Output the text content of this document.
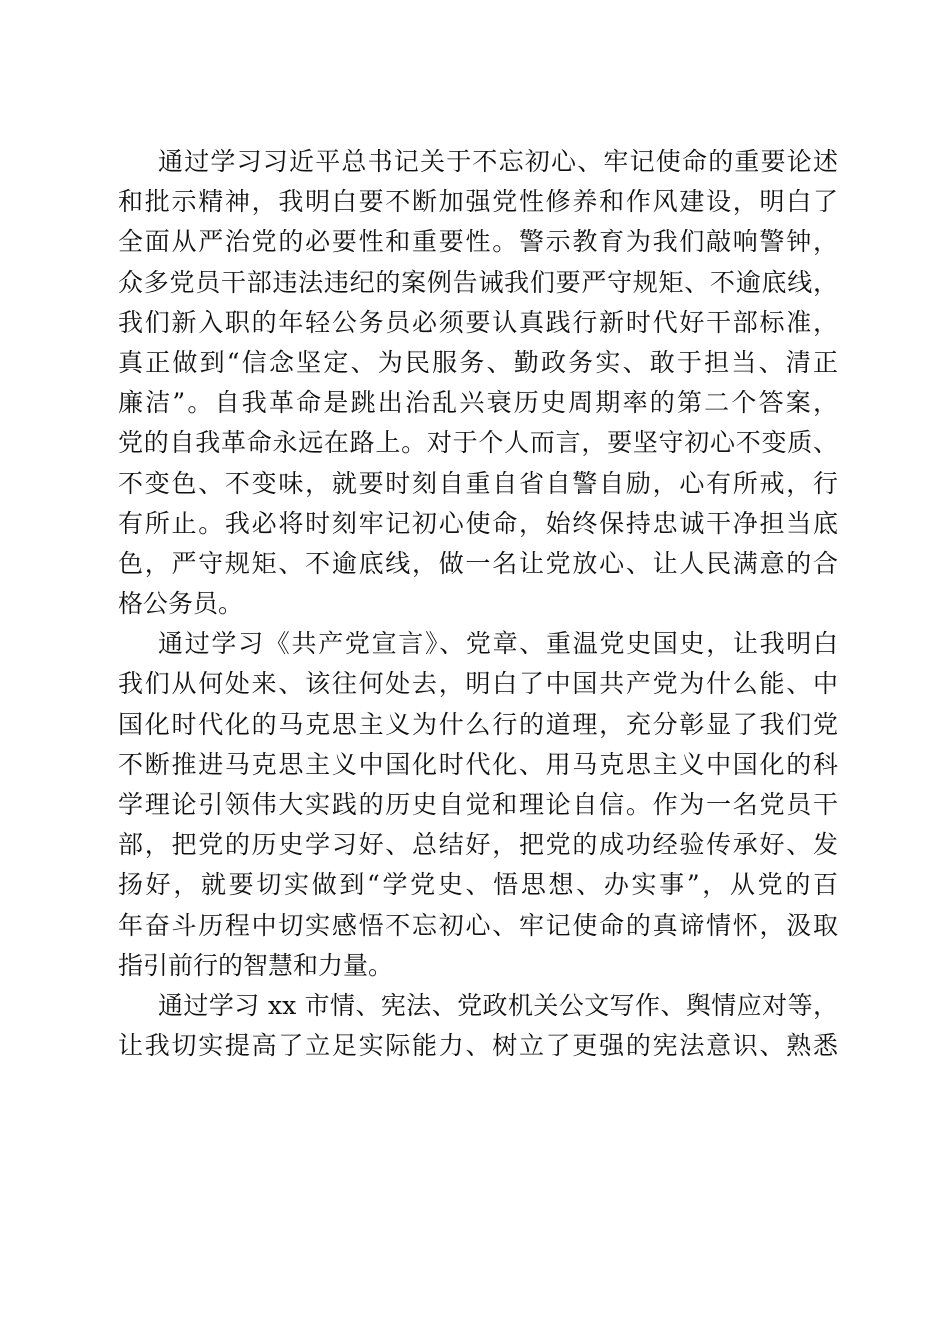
通过学习习近平总书记关于不忘初心、牢记使命的重要论述
和批示精神，我明白要不断加强党性修养和作风建设，明白了
全面从严治党的必要性和重要性。警示教育为我们敲响警钟，
众多党员干部违法违纪的案例告诫我们要严守规矩、不逾底线，
我们新入职的年轻公务员必须要认真践行新时代好干部标准，
真正做到“信念坚定、为民服务、勤政务实、敢于担当、清正
廉洁”。自我革命是跳出治乱兴衰历史周期率的第二个答案，
党的自我革命永远在路上。对于个人而言，要坚守初心不变质、
不变色、不变味，就要时刻自重自省自警自励，心有所戒，行
有所止。我必将时刻牢记初心使命，始终保持忠诚干净担当底
色，严守规矩、不逾底线，做一名让党放心、让人民满意的合
格公务员。
通过学习《共产党宣言》、党章、重温党史国史，让我明白
我们从何处来、该往何处去，明白了中国共产党为什么能、中
国化时代化的马克思主义为什么行的道理，充分彰显了我们党
不断推进马克思主义中国化时代化、用马克思主义中国化的科
学理论引领伟大实践的历史自觉和理论自信。作为一名党员干
部，把党的历史学习好、总结好，把党的成功经验传承好、发
扬好，就要切实做到“学党史、悟思想、办实事”，从党的百
年奋斗历程中切实感悟不忘初心、牢记使命的真谛情怀，汲取
指引前行的智慧和力量。
通过学习 xx 市情、宪法、党政机关公文写作、舆情应对等，
让我切实提高了立足实际能力、树立了更强的宪法意识、熟悉
